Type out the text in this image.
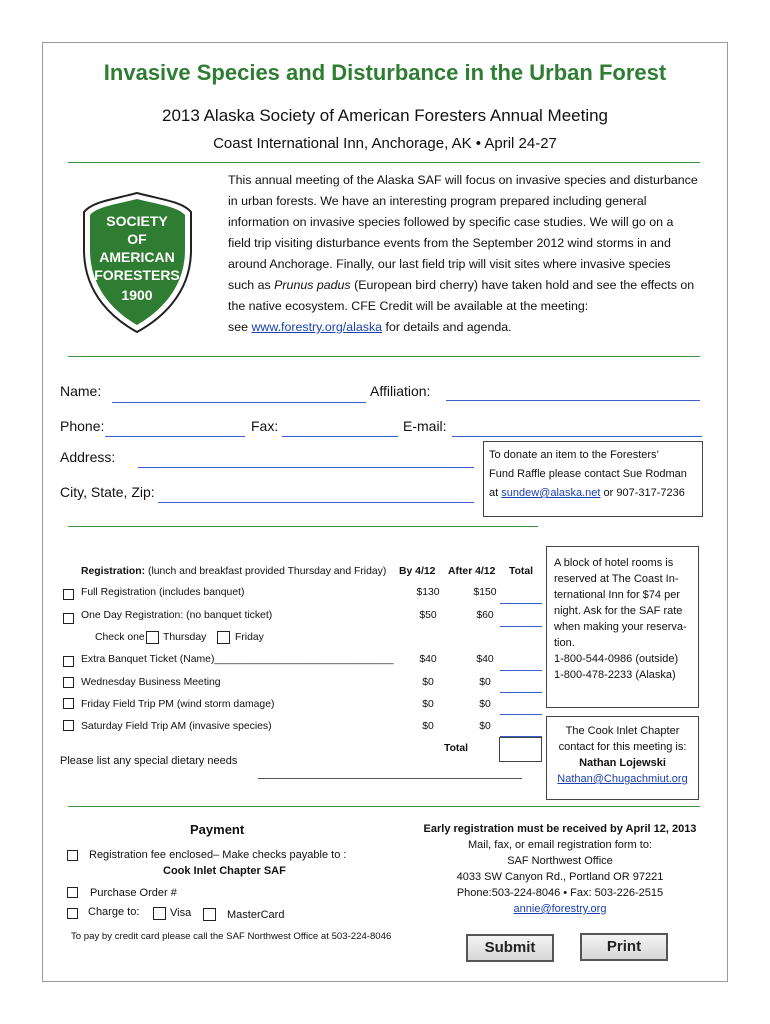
Invasive Species and Disturbance in the Urban Forest
2013 Alaska Society of American Foresters Annual Meeting
Coast International Inn, Anchorage, AK • April 24-27
SOCIETY
OF
AMERICAN
FORESTERS
1900

This annual meeting of the Alaska SAF will focus on invasive species and disturbance in urban forests. We have an interesting program prepared including general information on invasive species followed by specific case studies. We will go on a field trip visiting disturbance events from the September 2012 wind storms in and around Anchorage. Finally, our last field trip will visit sites where invasive species such as Prunus padus (European bird cherry) have taken hold and see the effects on the native ecosystem. CFE Credit will be available at the meeting:

see www.forestry.org/alaska for details and agenda.

Name:	Affiliation:
Phone:	Fax:	E-mail:
Address:
City, State, Zip:
To donate an item to the Foresters’
Fund Raffle please contact Sue Rodman
at sundew@alaska.net or 907-317-7236
Registration: (lunch and breakfast provided Thursday and Friday) By 4/12 After 4/12 Total
Full Registration (includes banquet)	$130	$150
One Day Registration: (no banquet ticket)	$50	$60
Check one Thursday	Friday
Extra Banquet Ticket (Name)_______________________________	$40	$40
Wednesday Business Meeting	$0	$0
Friday Field Trip PM (wind storm damage)	$0	$0
Saturday Field Trip AM (invasive species)	$0	$0
Total
Please list any special dietary needs
A block of hotel rooms is
reserved at The Coast In-
ternational Inn for $74 per
night. Ask for the SAF rate
when making your reserva-
tion.
1-800-544-0986 (outside)
1-800-478-2233 (Alaska)
The Cook Inlet Chapter
contact for this meeting is:
Nathan Lojewski
Nathan@Chugachmiut.org
Payment
Registration fee enclosed– Make checks payable to :
Cook Inlet Chapter SAF
Purchase Order #
Charge to:	Visa	MasterCard
To pay by credit card please call the SAF Northwest Office at 503-224-8046
Early registration must be received by April 12, 2013
Mail, fax, or email registration form to:
SAF Northwest Office
4033 SW Canyon Rd., Portland OR 97221
Phone:503-224-8046 • Fax: 503-226-2515
annie@forestry.org
Submit	Print
